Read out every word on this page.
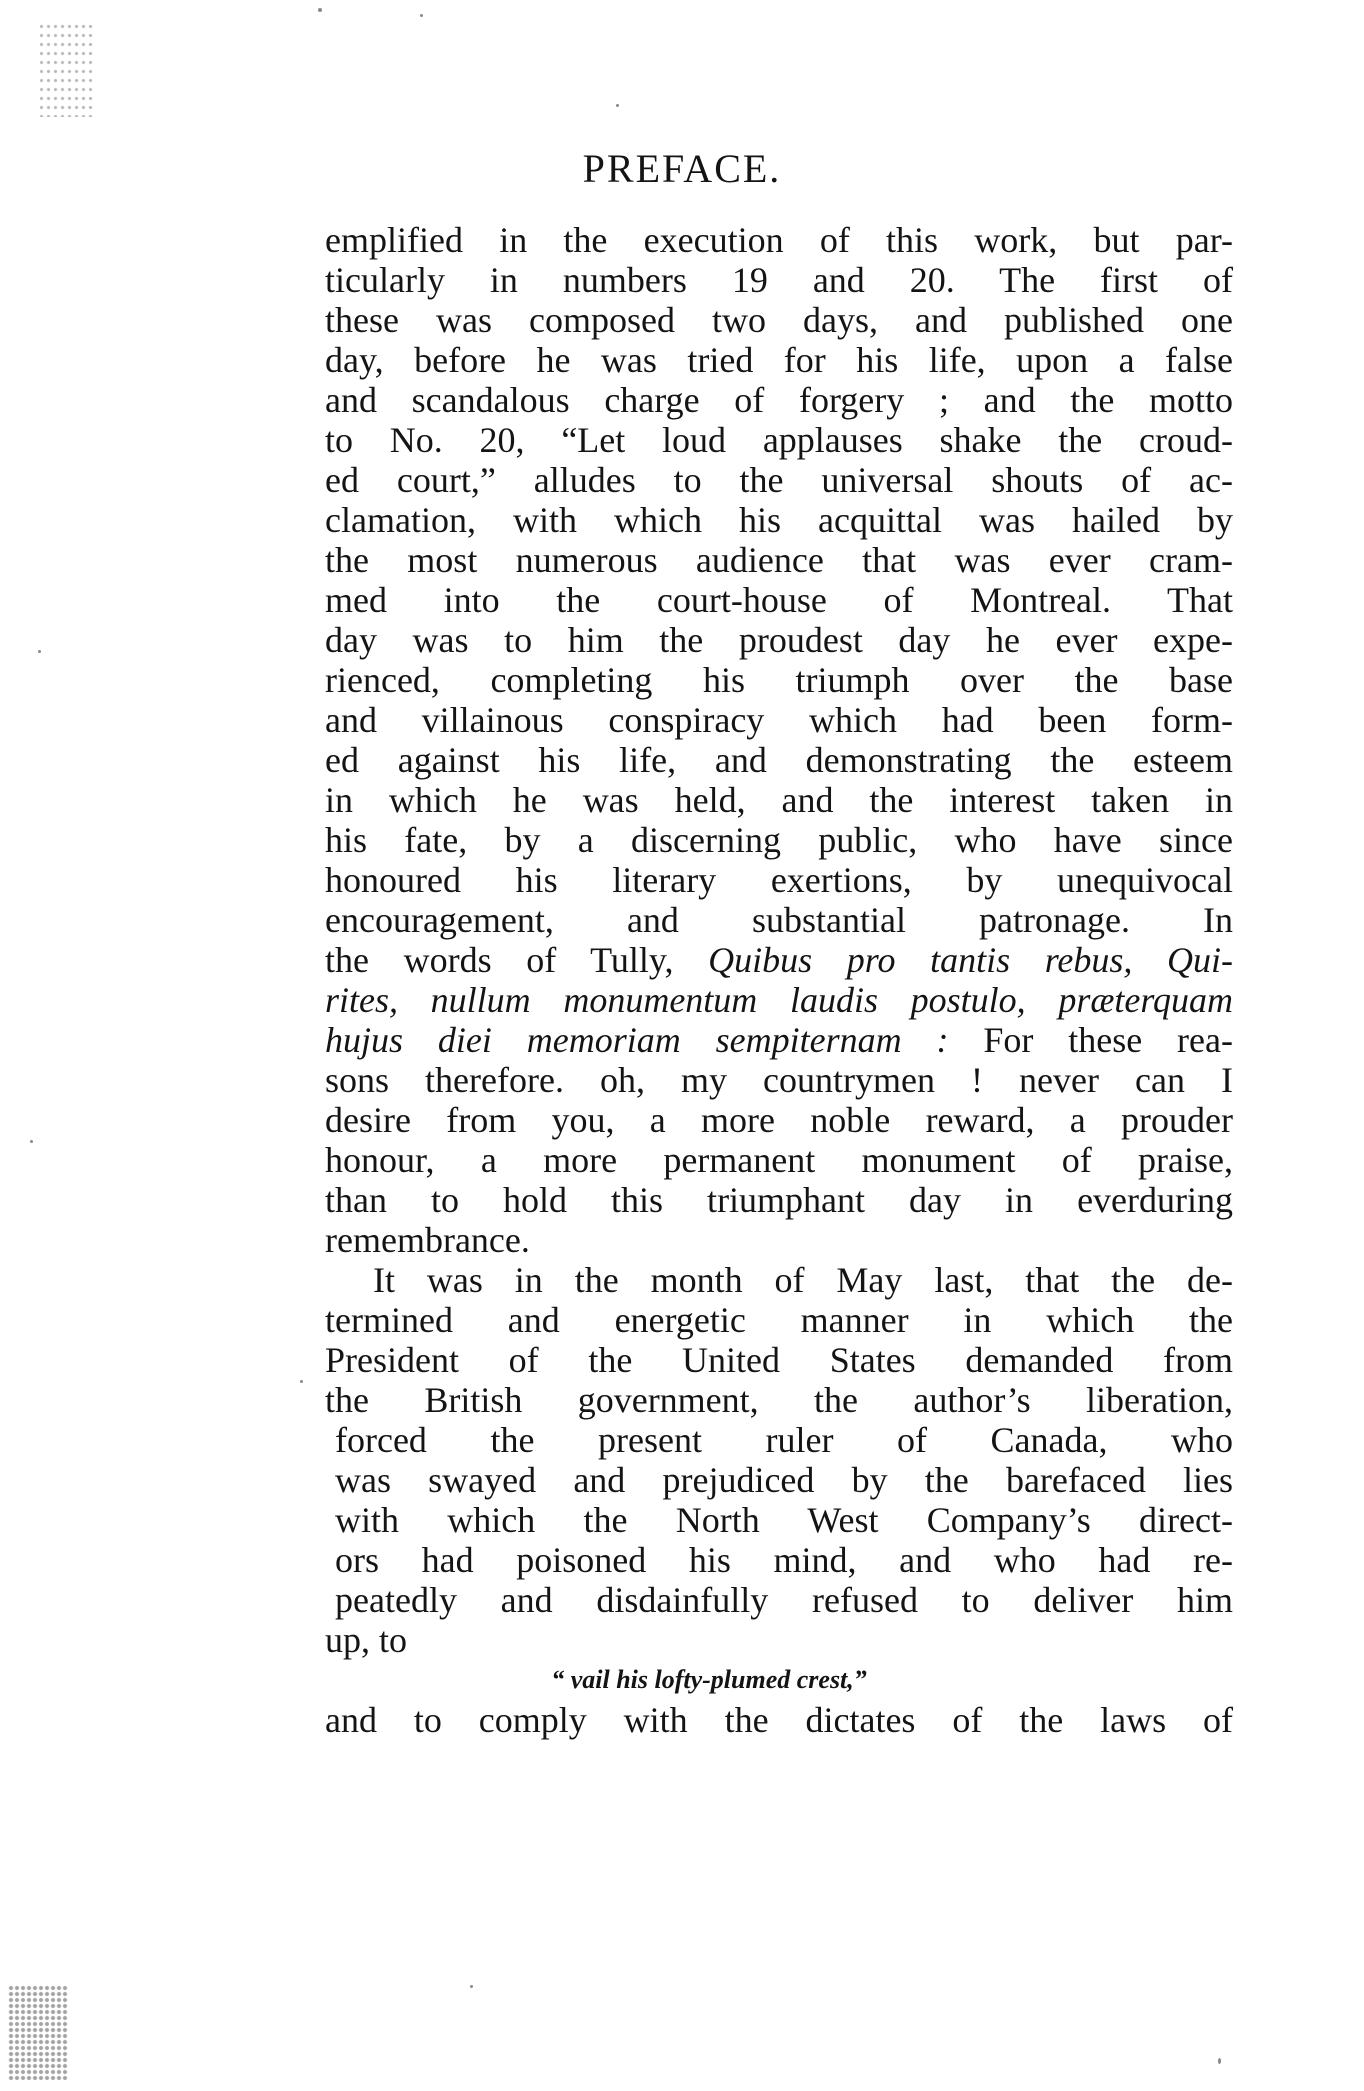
PREFACE.
emplified in the execution of this work, but par-
ticularly in numbers 19 and 20. The first of
these was composed two days, and published one
day, before he was tried for his life, upon a false
and scandalous charge of forgery ; and the motto
to No. 20, “Let loud applauses shake the croud-
ed court,” alludes to the universal shouts of ac-
clamation, with which his acquittal was hailed by
the most numerous audience that was ever cram-
med into the court-house of Montreal. That
day was to him the proudest day he ever expe-
rienced, completing his triumph over the base
and villainous conspiracy which had been form-
ed against his life, and demonstrating the esteem
in which he was held, and the interest taken in
his fate, by a discerning public, who have since
honoured his literary exertions, by unequivocal
encouragement, and substantial patronage. In
the words of Tully, Quibus pro tantis rebus, Qui-
rites, nullum monumentum laudis postulo, præterquam
hujus diei memoriam sempiternam : For these rea-
sons therefore. oh, my countrymen ! never can I
desire from you, a more noble reward, a prouder
honour, a more permanent monument of praise,
than to hold this triumphant day in everduring
remembrance.
It was in the month of May last, that the de-
termined and energetic manner in which the
President of the United States demanded from
the British government, the author’s liberation,
forced the present ruler of Canada, who
was swayed and prejudiced by the barefaced lies
with which the North West Company’s direct-
ors had poisoned his mind, and who had re-
peatedly and disdainfully refused to deliver him
up, to
“ vail his lofty-plumed crest,”
and to comply with the dictates of the laws of
